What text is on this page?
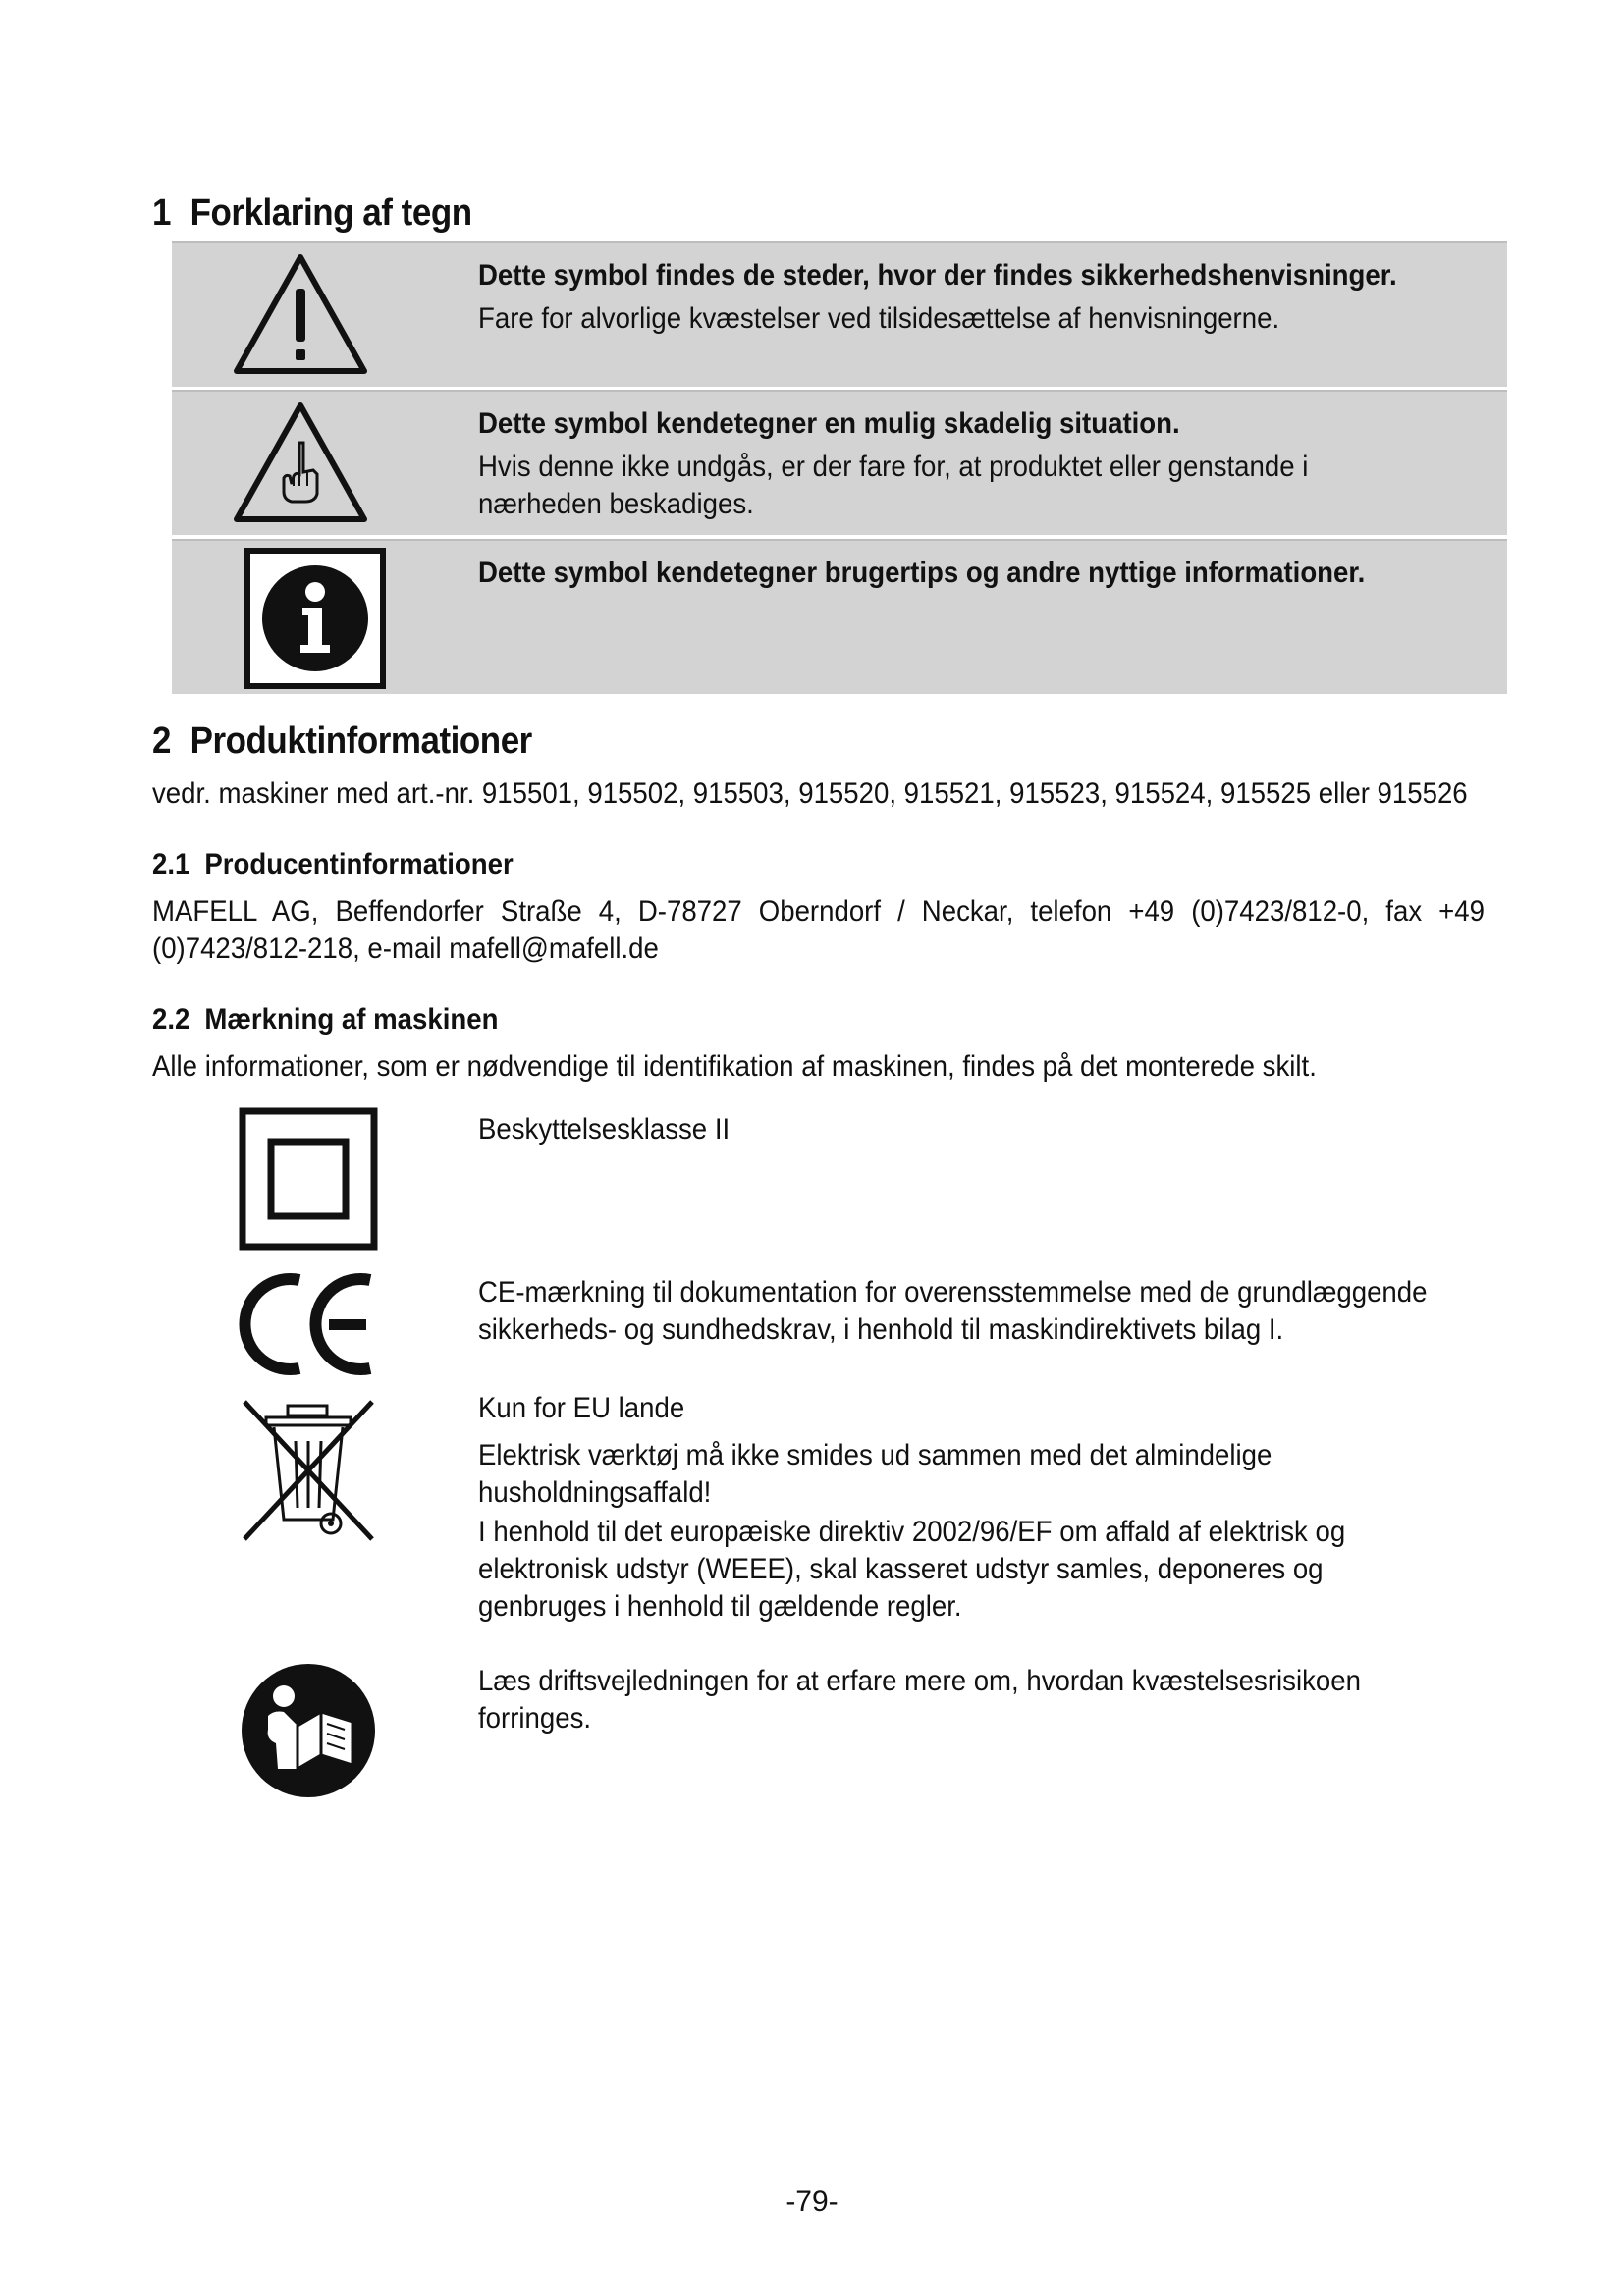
1 Forklaring af tegn
Dette symbol findes de steder, hvor der findes sikkerhedshenvisninger.
Fare for alvorlige kvæstelser ved tilsidesættelse af henvisningerne.
Dette symbol kendetegner en mulig skadelig situation.
Hvis denne ikke undgås, er der fare for, at produktet eller genstande i nærheden beskadiges.
Dette symbol kendetegner brugertips og andre nyttige informationer.
2 Produktinformationer
vedr. maskiner med art.-nr. 915501, 915502, 915503, 915520, 915521, 915523, 915524, 915525 eller 915526
2.1 Producentinformationer
MAFELL AG, Beffendorfer Straße 4, D-78727 Oberndorf / Neckar, telefon +49 (0)7423/812-0, fax +49 (0)7423/812-218, e-mail mafell@mafell.de
2.2 Mærkning af maskinen
Alle informationer, som er nødvendige til identifikation af maskinen, findes på det monterede skilt.

Beskyttelsesklasse II

CE-mærkning til dokumentation for overensstemmelse med de grundlæggende sikkerheds- og sundhedskrav, i henhold til maskindirektivets bilag I.

Kun for EU lande

Elektrisk værktøj må ikke smides ud sammen med det almindelige husholdningsaffald!

I henhold til det europæiske direktiv 2002/96/EF om affald af elektrisk og elektronisk udstyr (WEEE), skal kasseret udstyr samles, deponeres og genbruges i henhold til gældende regler.

Læs driftsvejledningen for at erfare mere om, hvordan kvæstelsesrisikoen forringes.

-79-
